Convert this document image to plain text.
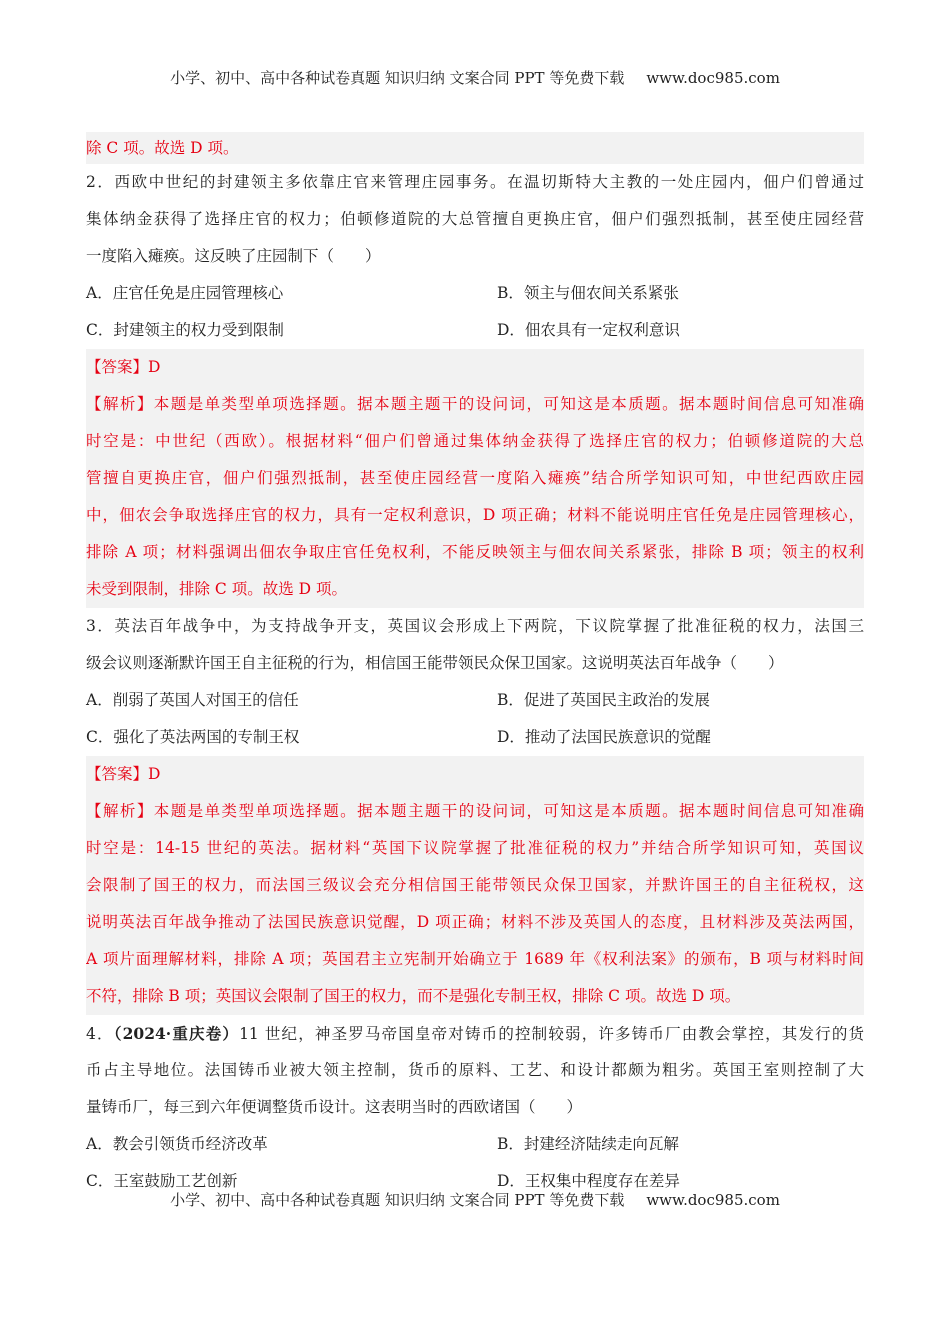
小学、初中、高中各种试卷真题 知识归纳 文案合同 PPT 等免费下载 www.doc985.com
除 C 项。故选 D 项。
2．西欧中世纪的封建领主多依靠庄官来管理庄园事务。在温切斯特大主教的一处庄园内，佃户们曾通过
集体纳金获得了选择庄官的权力；伯顿修道院的大总管擅自更换庄官，佃户们强烈抵制，甚至使庄园经营
一度陷入瘫痪。这反映了庄园制下（　　）
A．庄官任免是庄园管理核心	B．领主与佃农间关系紧张
C．封建领主的权力受到限制	D．佃农具有一定权利意识
【答案】D
【解析】本题是单类型单项选择题。据本题主题干的设问词，可知这是本质题。据本题时间信息可知准确
时空是：中世纪（西欧）。根据材料“佃户们曾通过集体纳金获得了选择庄官的权力；伯顿修道院的大总
管擅自更换庄官，佃户们强烈抵制，甚至使庄园经营一度陷入瘫痪”结合所学知识可知，中世纪西欧庄园
中，佃农会争取选择庄官的权力，具有一定权利意识，D 项正确；材料不能说明庄官任免是庄园管理核心，
排除 A 项；材料强调出佃农争取庄官任免权利，不能反映领主与佃农间关系紧张，排除 B 项；领主的权利
未受到限制，排除 C 项。故选 D 项。
3．英法百年战争中，为支持战争开支，英国议会形成上下两院，下议院掌握了批准征税的权力，法国三
级会议则逐渐默许国王自主征税的行为，相信国王能带领民众保卫国家。这说明英法百年战争（　　）
A．削弱了英国人对国王的信任	B．促进了英国民主政治的发展
C．强化了英法两国的专制王权	D．推动了法国民族意识的觉醒
【答案】D
【解析】本题是单类型单项选择题。据本题主题干的设问词，可知这是本质题。据本题时间信息可知准确
时空是：14-15 世纪的英法。据材料“英国下议院掌握了批准征税的权力”并结合所学知识可知，英国议
会限制了国王的权力，而法国三级议会充分相信国王能带领民众保卫国家，并默许国王的自主征税权，这
说明英法百年战争推动了法国民族意识觉醒，D 项正确；材料不涉及英国人的态度，且材料涉及英法两国，
A 项片面理解材料，排除 A 项；英国君主立宪制开始确立于 1689 年《权利法案》的颁布，B 项与材料时间
不符，排除 B 项；英国议会限制了国王的权力，而不是强化专制王权，排除 C 项。故选 D 项。
4．（2024·重庆卷）11 世纪，神圣罗马帝国皇帝对铸币的控制较弱，许多铸币厂由教会掌控，其发行的货
币占主导地位。法国铸币业被大领主控制，货币的原料、工艺、和设计都颇为粗劣。英国王室则控制了大
量铸币厂，每三到六年便调整货币设计。这表明当时的西欧诸国（　　）
A．教会引领货币经济改革	B．封建经济陆续走向瓦解
C．王室鼓励工艺创新	D．王权集中程度存在差异
小学、初中、高中各种试卷真题 知识归纳 文案合同 PPT 等免费下载 www.doc985.com
